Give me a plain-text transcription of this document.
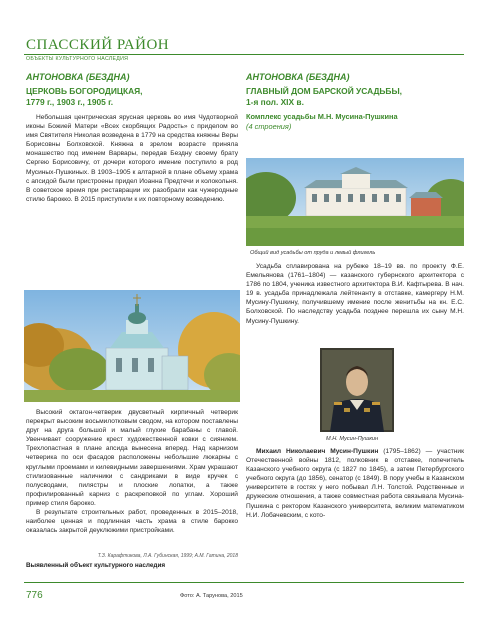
СПАССКИЙ РАЙОН
ОБЪЕКТЫ КУЛЬТУРНОГО НАСЛЕДИЯ
АНТОНОВКА (БЕЗДНА)
ЦЕРКОВЬ БОГОРОДИЦКАЯ,
1779 г., 1903 г., 1905 г.

Небольшая центрическая ярусная церковь во имя Чудотворной иконы Божией Матери «Всех скорбящих Радость» с приделом во имя Святителя Николая возведена в 1779 на средства княжны Веры Борисовны Болховской. Княжна в зрелом возрасте приняла монашество под именем Варвары, передав Бездну своему брату Сергею Борисовичу, от дочери которого имение поступило в род Мусиных-Пушкиных. В 1903–1905 к алтарной в плане объему храма с апсидой были пристроены придел Иоанна Предтечи и колокольня. В советское время при реставрации их разобрали как чужеродные стилю барокко. В 2015 приступили к их повторному возведению.

Высокий октагон-четверик двусветный кирпичный четверик перекрыт высоким восьмилотковым сводом, на котором поставлены друг на друга большой и малый глухие барабаны с главой. Увенчивает сооружение крест художественной ковки с сиянием. Трехлопастная в плане апсида вынесена вперед. Над карнизом четверика по оси фасадов расположены небольшие люкарны с круглыми проемами и килевидными завершениями. Храм украшают стилизованные наличники с сандриками в виде кручек с полусводами, пилястры и плоские лопатки, а также профилированный карниз с раскреповкой по углам. Хороший пример стиля барокко.

В результате строительных работ, проведенных в 2015–2018, наиболее ценная и подлинная часть храма в стиле барокко оказалась закрытой деуклюжими пристройками.

Т.З. Карафтикова, Л.А. Губинская, 1999; А.М. Гатина, 2018
Выявленный объект культурного наследия
АНТОНОВКА (БЕЗДНА)
ГЛАВНЫЙ ДОМ БАРСКОЙ УСАДЬБЫ,
1-я пол. XIX в.
Комплекс усадьбы М.Н. Мусина-Пушкина
(4 строения)
Общий вид усадьбы от пруда и левый флигель

Усадьба сплавирована на рубеже 18–19 вв. по проекту Ф.Е. Емельянова (1761–1804) — казанского губернского архитектора с 1786 по 1804, ученика известного архитектора В.И. Кафтырева. В нач. 19 в. усадьба принадлежала лейтенанту в отставке, камергеру Н.М. Мусину-Пушкину, получившему имение после женитьбы на кн. Е.С. Болховской. По наследству усадьба позднее перешла их сыну М.Н. Мусину-Пушкину.

М.Н. Мусин-Пушкин

Михаил Николаевич Мусин-Пушкин (1795–1862) — участник Отечественной войны 1812, полковник в отставке, попечитель Казанского учебного округа (с 1827 по 1845), а затем Петербургского учебного округа (до 1856), сенатор (с 1849). В пору учебы в Казанском университете в гостях у него побывал Л.Н. Толстой. Родственные и дружеские отношения, а также совместная работа связывала Мусина-Пушкина с ректором Казанского университета, великим математиком Н.И. Лобачевским, с кото-

776	Фото: А. Тарунова, 2015
